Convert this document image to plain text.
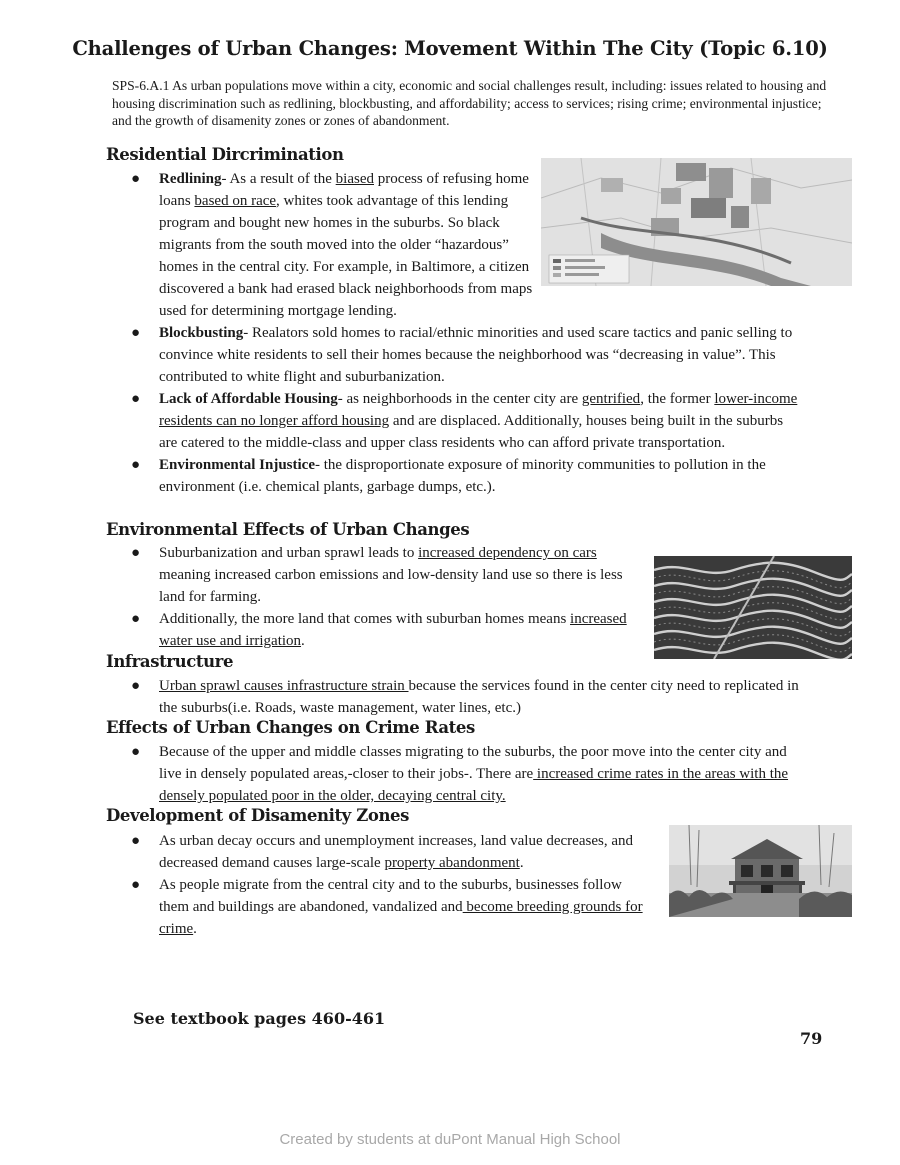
Challenges of Urban Changes: Movement Within The City (Topic 6.10)
SPS-6.A.1 As urban populations move within a city, economic and social challenges result, including: issues related to housing and housing discrimination such as redlining, blockbusting, and affordability; access to services; rising crime; environmental injustice; and the growth of disamenity zones or zones of abandonment.
Residential Dircrimination
● Redlining- As a result of the biased process of refusing home loans based on race, whites took advantage of this lending program and bought new homes in the suburbs. So black migrants from the south moved into the older “hazardous” homes in the central city. For example, in Baltimore, a citizen discovered a bank had erased black neighborhoods from maps used for determining mortgage lending.
● Blockbusting- Realators sold homes to racial/ethnic minorities and used scare tactics and panic selling to convince white residents to sell their homes because the neighborhood was “decreasing in value”. This contributed to white flight and suburbanization.
● Lack of Affordable Housing- as neighborhoods in the center city are gentrified, the former lower-income residents can no longer afford housing and are displaced. Additionally, houses being built in the suburbs are catered to the middle-class and upper class residents who can afford private transportation.
● Environmental Injustice- the disproportionate exposure of minority communities to pollution in the environment (i.e. chemical plants, garbage dumps, etc.).
Environmental Effects of Urban Changes
● Suburbanization and urban sprawl leads to increased dependency on cars meaning increased carbon emissions and low-density land use so there is less land for farming.
● Additionally, the more land that comes with suburban homes means increased water use and irrigation.
Infrastructure
● Urban sprawl causes infrastructure strain because the services found in the center city need to replicated in the suburbs(i.e. Roads, waste management, water lines, etc.)
Effects of Urban Changes on Crime Rates
● Because of the upper and middle classes migrating to the suburbs, the poor move into the center city and live in densely populated areas,-closer to their jobs-. There are increased crime rates in the areas with the densely populated poor in the older, decaying central city.
Development of Disamenity Zones
● As urban decay occurs and unemployment increases, land value decreases, and decreased demand causes large-scale property abandonment.
● As people migrate from the central city and to the suburbs, businesses follow them and buildings are abandoned, vandalized and become breeding grounds for crime.
See textbook pages 460-461
79
Created by students at duPont Manual High School
